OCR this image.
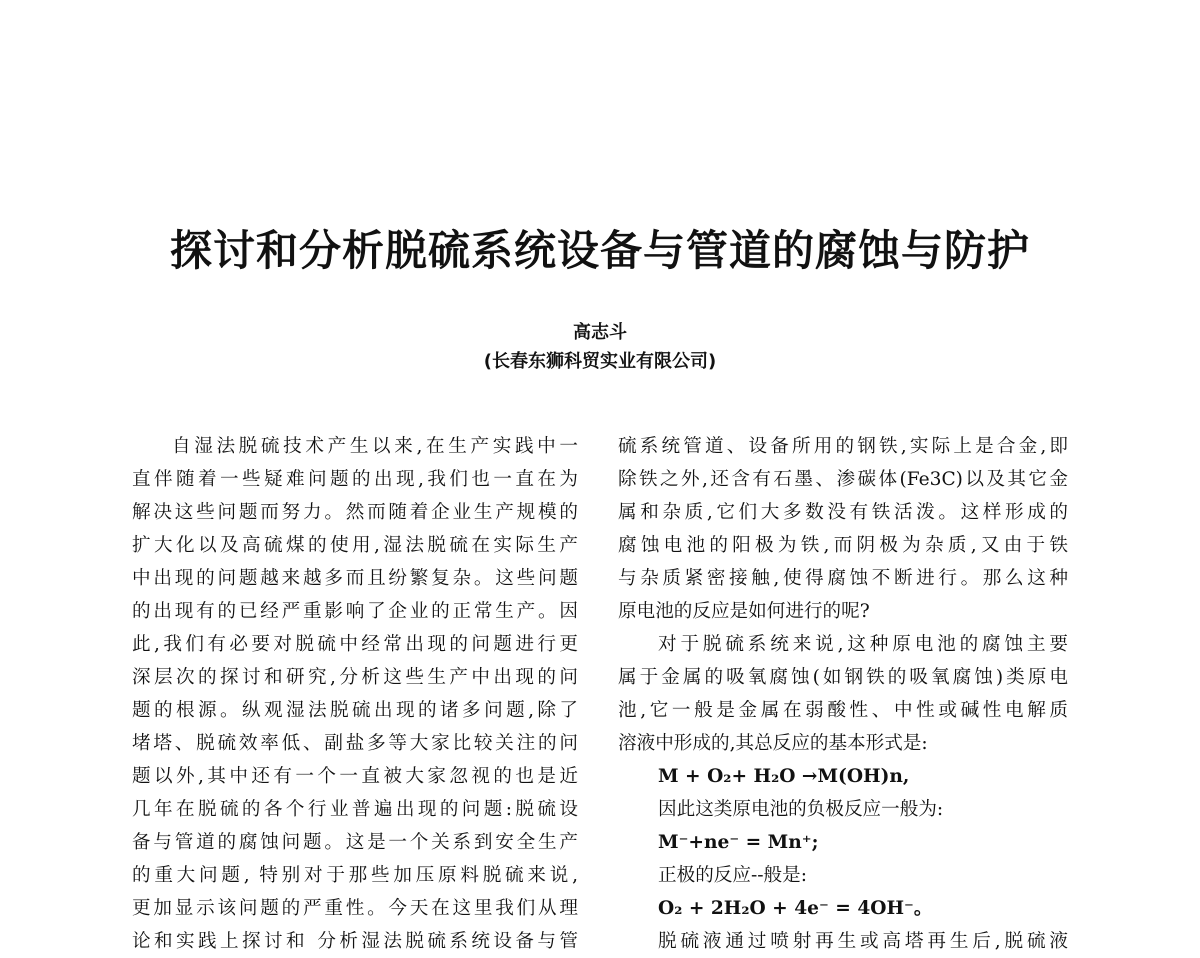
探讨和分析脱硫系统设备与管道的腐蚀与防护
高志斗
(长春东狮科贸实业有限公司)
自湿法脱硫技术产生以来,在生产实践中一
直伴随着一些疑难问题的出现,我们也一直在为
解决这些问题而努力。然而随着企业生产规模的
扩大化以及高硫煤的使用,湿法脱硫在实际生产
中出现的问题越来越多而且纷繁复杂。这些问题
的出现有的已经严重影响了企业的正常生产。因
此,我们有必要对脱硫中经常出现的问题进行更
深层次的探讨和研究,分析这些生产中出现的问
题的根源。纵观湿法脱硫出现的诸多问题,除了
堵塔、脱硫效率低、副盐多等大家比较关注的问
题以外,其中还有一个一直被大家忽视的也是近
几年在脱硫的各个行业普遍出现的问题:脱硫设
备与管道的腐蚀问题。这是一个关系到安全生产
的重大问题, 特别对于那些加压原料脱硫来说,
更加显示该问题的严重性。今天在这里我们从理
论和实践上探讨和 分析湿法脱硫系统设备与管
硫系统管道、设备所用的钢铁,实际上是合金,即
除铁之外,还含有石墨、渗碳体(Fe3C)以及其它金
属和杂质,它们大多数没有铁活泼。这样形成的
腐蚀电池的阳极为铁,而阴极为杂质,又由于铁
与杂质紧密接触,使得腐蚀不断进行。那么这种
原电池的反应是如何进行的呢?
对于脱硫系统来说,这种原电池的腐蚀主要
属于金属的吸氧腐蚀(如钢铁的吸氧腐蚀)类原电
池,它一般是金属在弱酸性、中性或碱性电解质
溶液中形成的,其总反应的基本形式是:
M + O₂+ H₂O →M(OH)n,
因此这类原电池的负极反应一般为:
M⁻+ne⁻ = Mn⁺;
正极的反应--般是:
O₂ + 2H₂O + 4e⁻ = 4OH⁻。
脱硫液通过喷射再生或高塔再生后,脱硫液
